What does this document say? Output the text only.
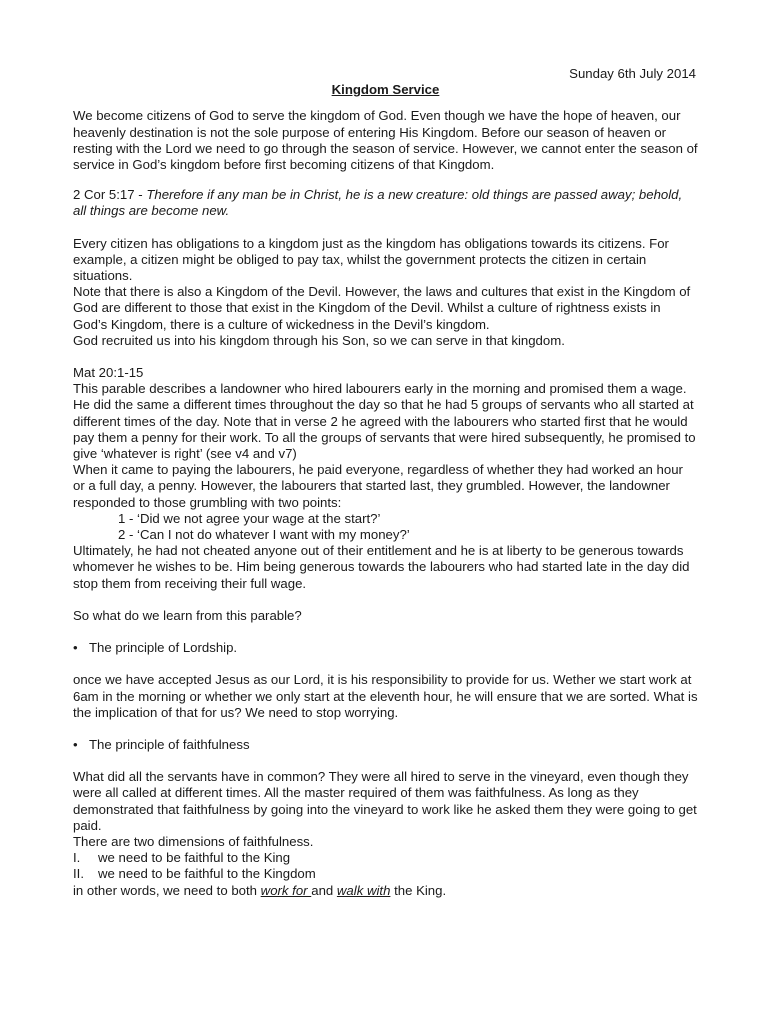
Sunday 6th July 2014

Kingdom Service

We become citizens of God to serve the kingdom of God. Even though we have the hope of heaven, our heavenly destination is not the sole purpose of entering His Kingdom. Before our season of heaven or resting with the Lord we need to go through the season of service. However, we cannot enter the season of service in God’s kingdom before first becoming citizens of that Kingdom.

2 Cor 5:17 - Therefore if any man be in Christ, he is a new creature: old things are passed away; behold, all things are become new.

Every citizen has obligations to a kingdom just as the kingdom has obligations towards its citizens. For example, a citizen might be obliged to pay tax, whilst the government protects the citizen in certain situations.

Note that there is also a Kingdom of the Devil. However, the laws and cultures that exist in the Kingdom of God are different to those that exist in the Kingdom of the Devil. Whilst a culture of rightness exists in God’s Kingdom, there is a culture of wickedness in the Devil’s kingdom.

God recruited us into his kingdom through his Son, so we can serve in that kingdom.

Mat 20:1-15

This parable describes a landowner who hired labourers early in the morning and promised them a wage. He did the same a different times throughout the day so that he had 5 groups of servants who all started at different times of the day. Note that in verse 2 he agreed with the labourers who started first that he would pay them a penny for their work. To all the groups of servants that were hired subsequently, he promised to give ‘whatever is right’ (see v4 and v7)

When it came to paying the labourers, he paid everyone, regardless of whether they had worked an hour or a full day, a penny. However, the labourers that started last, they grumbled. However, the landowner responded to those grumbling with two points:

1 - ‘Did we not agree your wage at the start?’

2 - ‘Can I not do whatever I want with my money?’

Ultimately, he had not cheated anyone out of their entitlement and he is at liberty to be generous towards whomever he wishes to be. Him being generous towards the labourers who had started late in the day did stop them from receiving their full wage.

So what do we learn from this parable?

• The principle of Lordship.

once we have accepted Jesus as our Lord, it is his responsibility to provide for us. Wether we start work at 6am in the morning or whether we only start at the eleventh hour, he will ensure that we are sorted. What is the implication of that for us? We need to stop worrying.

• The principle of faithfulness

What did all the servants have in common? They were all hired to serve in the vineyard, even though they were all called at different times. All the master required of them was faithfulness. As long as they demonstrated that faithfulness by going into the vineyard to work like he asked them they were going to get paid.

There are two dimensions of faithfulness.

I.	we need to be faithful to the King
II.	we need to be faithful to the Kingdom

in other words, we need to both work for and walk with the King.
